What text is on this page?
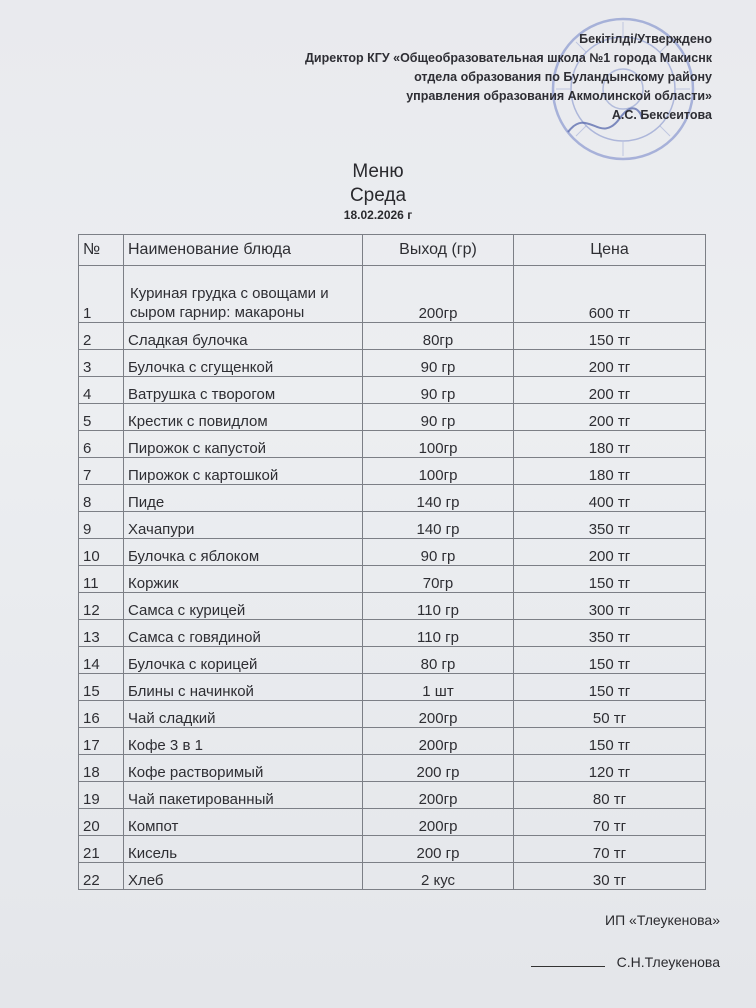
Бекітілді/Утверждено
Директор КГУ «Общеобразовательная школа №1 города Макиснк
отдела образования по Буландынскому району
управления образования Акмолинской области»
А.С. Бексеитова
Меню
Среда
18.02.2026 г
№	Наименование блюда	Выход (гр)	Цена
1	Куриная грудка с овощами и сыром гарнир: макароны	200гр	600 тг
2	Сладкая булочка	80гр	150 тг
3	Булочка с сгущенкой	90 гр	200 тг
4	Ватрушка с творогом	90 гр	200 тг
5	Крестик с повидлом	90 гр	200 тг
6	Пирожок с капустой	100гр	180 тг
7	Пирожок с картошкой	100гр	180 тг
8	Пиде	140 гр	400 тг
9	Хачапури	140 гр	350 тг
10	Булочка с яблоком	90 гр	200 тг
11	Коржик	70гр	150 тг
12	Самса с курицей	110 гр	300 тг
13	Самса с говядиной	110 гр	350 тг
14	Булочка с корицей	80 гр	150 тг
15	Блины с начинкой	1 шт	150 тг
16	Чай сладкий	200гр	50 тг
17	Кофе 3 в 1	200гр	150 тг
18	Кофе растворимый	200 гр	120 тг
19	Чай пакетированный	200гр	80 тг
20	Компот	200гр	70 тг
21	Кисель	200 гр	70 тг
22	Хлеб	2 кус	30 тг
ИП «Тлеукенова»
С.Н.Тлеукенова
